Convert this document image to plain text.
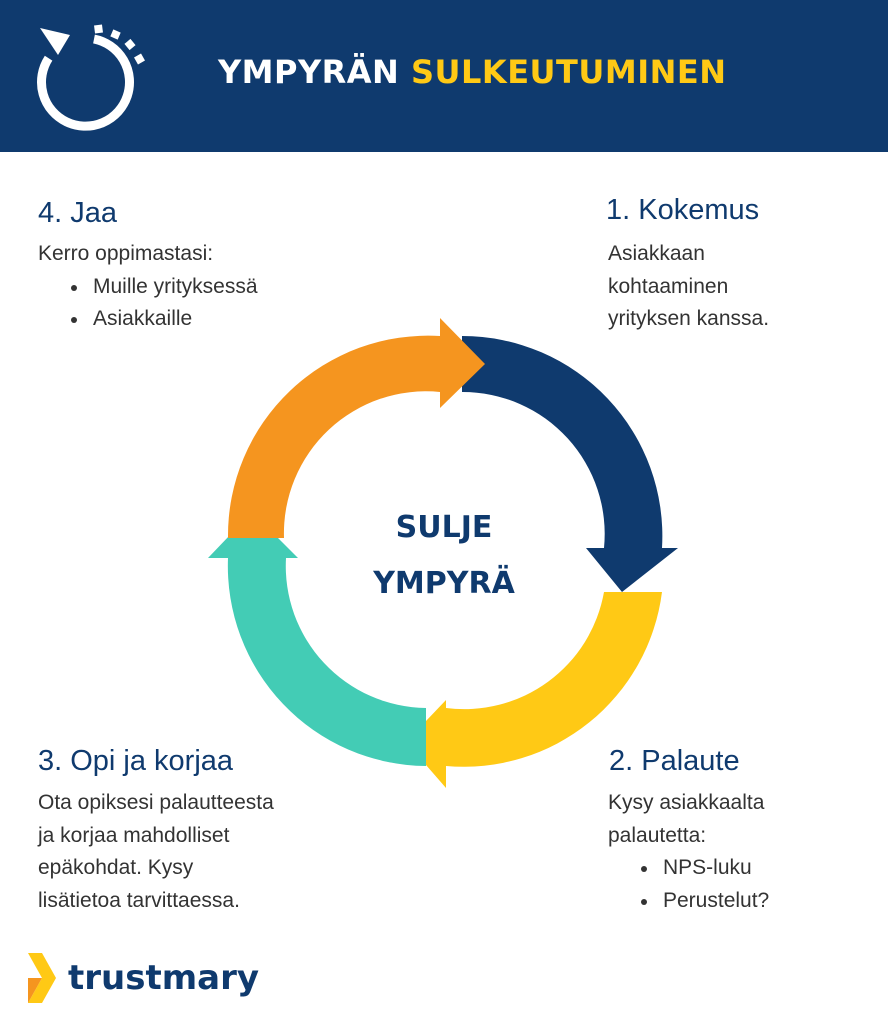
YMPYRÄN SULKEUTUMINEN
1. Kokemus

Asiakkaan

kohtaaminen

yrityksen kanssa.

2. Palaute

Kysy asiakkaalta

palautetta:

NPS-luku
Perustelut?
3. Opi ja korjaa

Ota opiksesi palautteesta

ja korjaa mahdolliset

epäkohdat. Kysy

lisätietoa tarvittaessa.

4. Jaa

Kerro oppimastasi:

Muille yrityksessä
Asiakkaille
SULJE
YMPYRÄ
trustmary
